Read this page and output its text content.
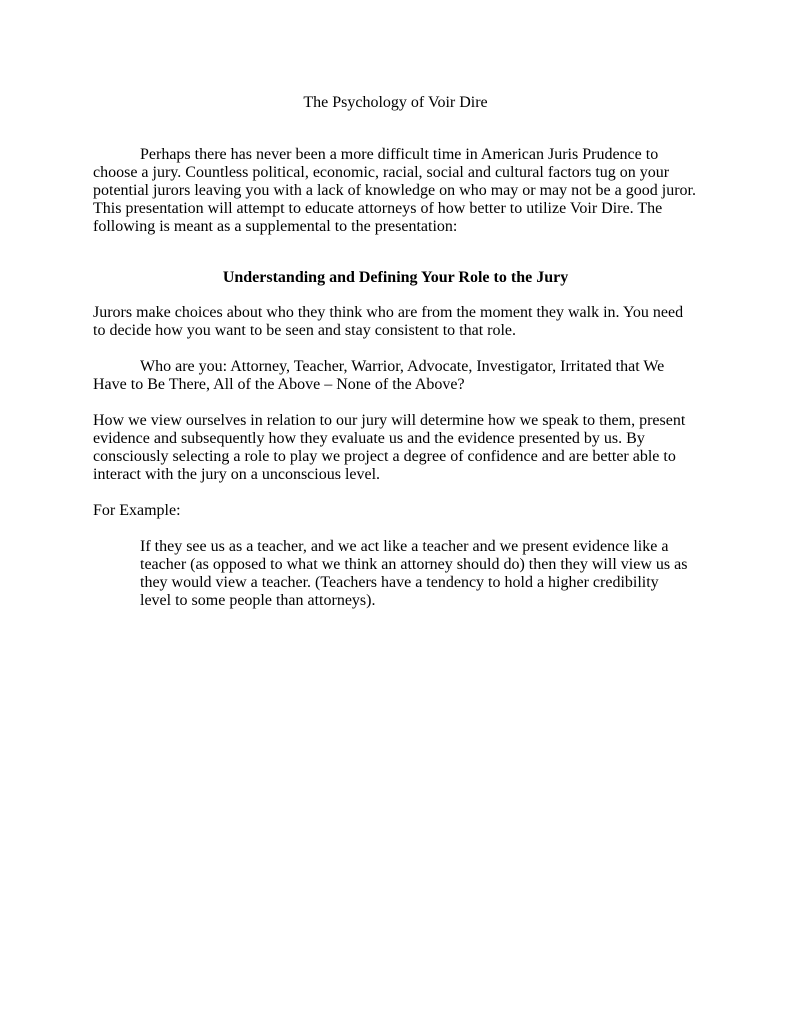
The Psychology of Voir Dire

Perhaps there has never been a more difficult time in American Juris Prudence to choose a jury. Countless political, economic, racial, social and cultural factors tug on your potential jurors leaving you with a lack of knowledge on who may or may not be a good juror. This presentation will attempt to educate attorneys of how better to utilize Voir Dire. The following is meant as a supplemental to the presentation:

Understanding and Defining Your Role to the Jury

Jurors make choices about who they think who are from the moment they walk in. You need to decide how you want to be seen and stay consistent to that role.

Who are you: Attorney, Teacher, Warrior, Advocate, Investigator, Irritated that We Have to Be There, All of the Above – None of the Above?

How we view ourselves in relation to our jury will determine how we speak to them, present evidence and subsequently how they evaluate us and the evidence presented by us. By consciously selecting a role to play we project a degree of confidence and are better able to interact with the jury on a unconscious level.

For Example:

If they see us as a teacher, and we act like a teacher and we present evidence like a teacher (as opposed to what we think an attorney should do) then they will view us as they would view a teacher. (Teachers have a tendency to hold a higher credibility level to some people than attorneys).
